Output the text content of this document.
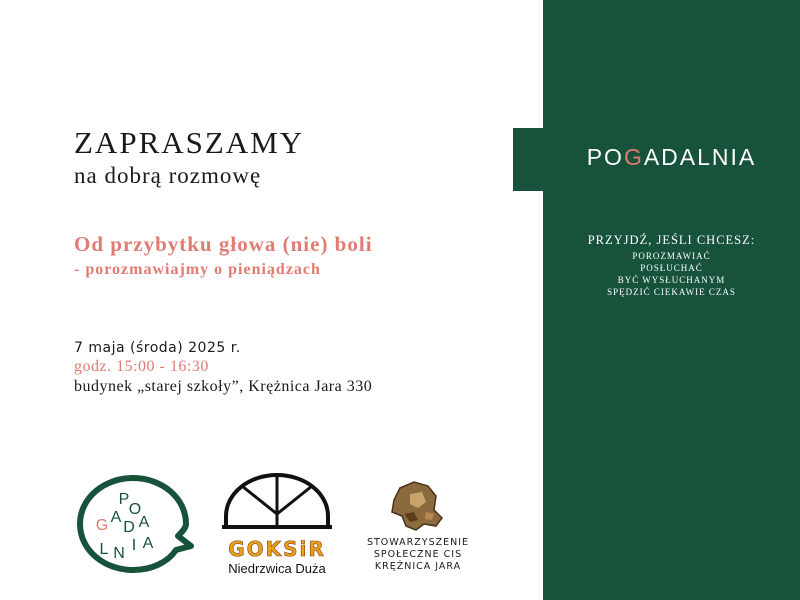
ZAPRASZAMY
na dobrą rozmowę
Od przybytku głowa (nie) boli
- porozmawiajmy o pieniądzach
7 maja (środa) 2025 r.
godz. 15:00 - 16:30
budynek „starej szkoły”, Krężnica Jara 330
POGADALNIA
PRZYJDŹ, JEŚLI CHCESZ:
POROZMAWIAĆ
POSŁUCHAĆ
BYĆ WYSŁUCHANYM
SPĘDZIĆ CIEKAWIE CZAS
P
O
G A
D A
L N I A	GOKSiR
Niedrzwica Duża
STOWARZYSZENIE
SPOŁECZNE CIS
KRĘŻNICA JARA
